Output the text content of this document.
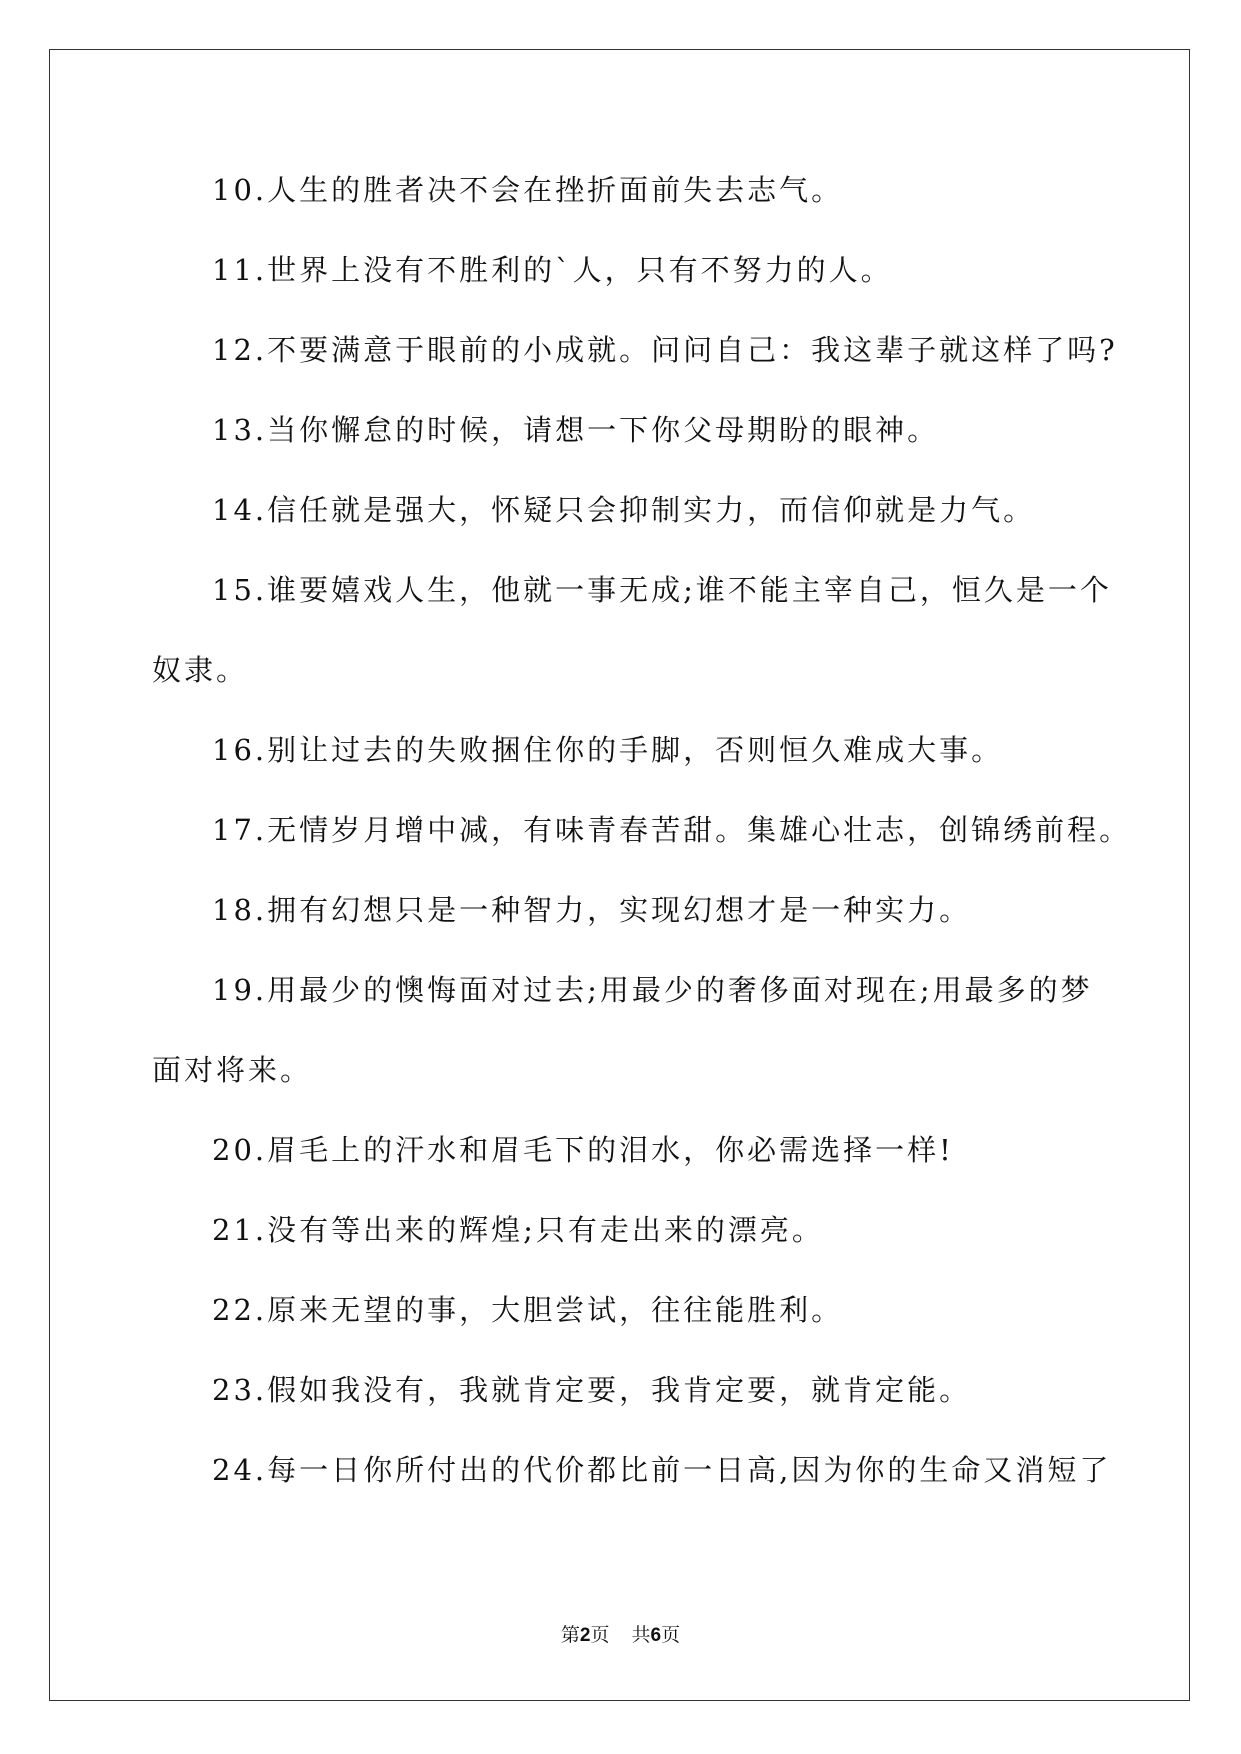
10.人生的胜者决不会在挫折面前失去志气。
11.世界上没有不胜利的`人，只有不努力的人。
12.不要满意于眼前的小成就。问问自己：我这辈子就这样了吗?
13.当你懈怠的时候，请想一下你父母期盼的眼神。
14.信任就是强大，怀疑只会抑制实力，而信仰就是力气。
15.谁要嬉戏人生，他就一事无成;谁不能主宰自己，恒久是一个
奴隶。
16.别让过去的失败捆住你的手脚，否则恒久难成大事。
17.无情岁月增中减，有味青春苦甜。集雄心壮志，创锦绣前程。
18.拥有幻想只是一种智力，实现幻想才是一种实力。
19.用最少的懊悔面对过去;用最少的奢侈面对现在;用最多的梦
面对将来。
20.眉毛上的汗水和眉毛下的泪水，你必需选择一样!
21.没有等出来的辉煌;只有走出来的漂亮。
22.原来无望的事，大胆尝试，往往能胜利。
23.假如我没有，我就肯定要，我肯定要，就肯定能。
24.每一日你所付出的代价都比前一日高,因为你的生命又消短了
第2页 共6页
